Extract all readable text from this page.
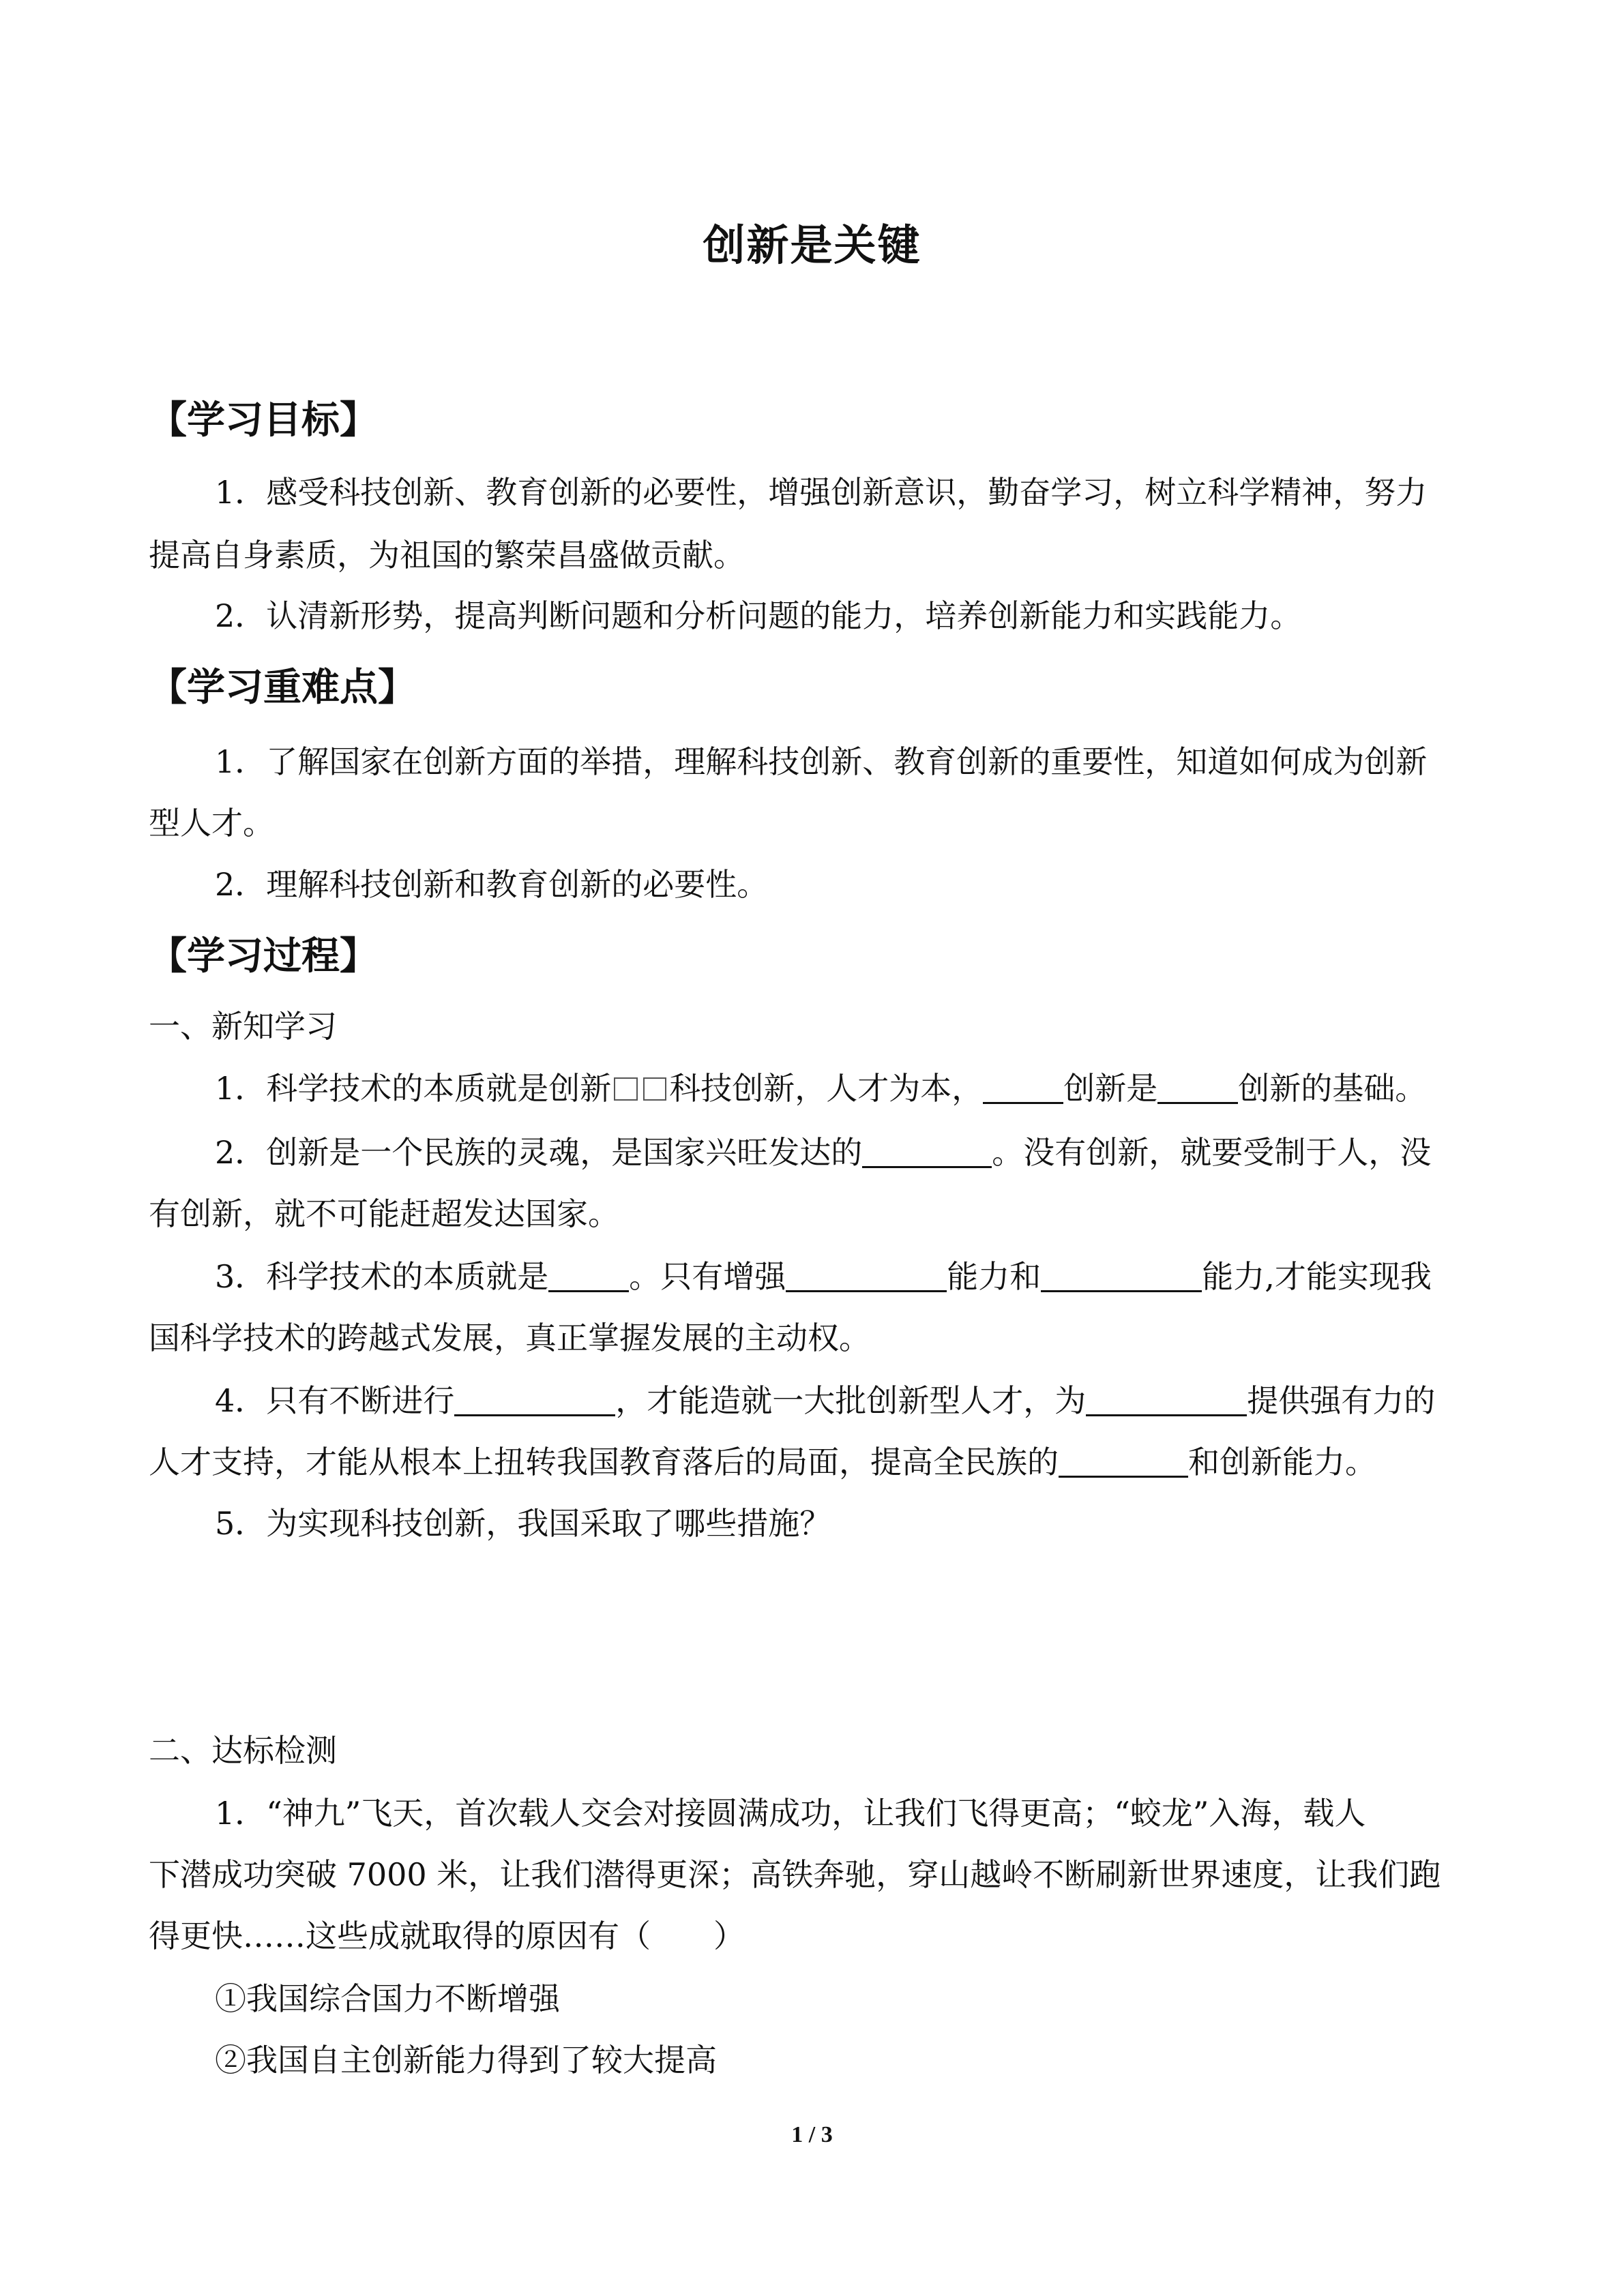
创新是关键
【学习目标】
1．感受科技创新、教育创新的必要性，增强创新意识，勤奋学习，树立科学精神，努力
提高自身素质，为祖国的繁荣昌盛做贡献。
2．认清新形势，提高判断问题和分析问题的能力，培养创新能力和实践能力。
【学习重难点】
1．了解国家在创新方面的举措，理解科技创新、教育创新的重要性，知道如何成为创新
型人才。
2．理解科技创新和教育创新的必要性。
【学习过程】
一、新知学习
1．科学技术的本质就是创新 科技创新，人才为本，	创新是	创新的基础。
2．创新是一个民族的灵魂，是国家兴旺发达的	。没有创新，就要受制于人，没
有创新，就不可能赶超发达国家。
3．科学技术的本质就是	。只有增强	能力和	能力,才能实现我
国科学技术的跨越式发展，真正掌握发展的主动权。
4．只有不断进行	，才能造就一大批创新型人才，为	提供强有力的
人才支持，才能从根本上扭转我国教育落后的局面，提高全民族的	和创新能力。
5．为实现科技创新，我国采取了哪些措施？
二、达标检测
1．“神九”飞天，首次载人交会对接圆满成功，让我们飞得更高；“蛟龙”入海，载人
下潜成功突破 7000 米，让我们潜得更深；高铁奔驰，穿山越岭不断刷新世界速度，让我们跑
得更快……这些成就取得的原因有（　　）
①我国综合国力不断增强
②我国自主创新能力得到了较大提高
1 / 3
